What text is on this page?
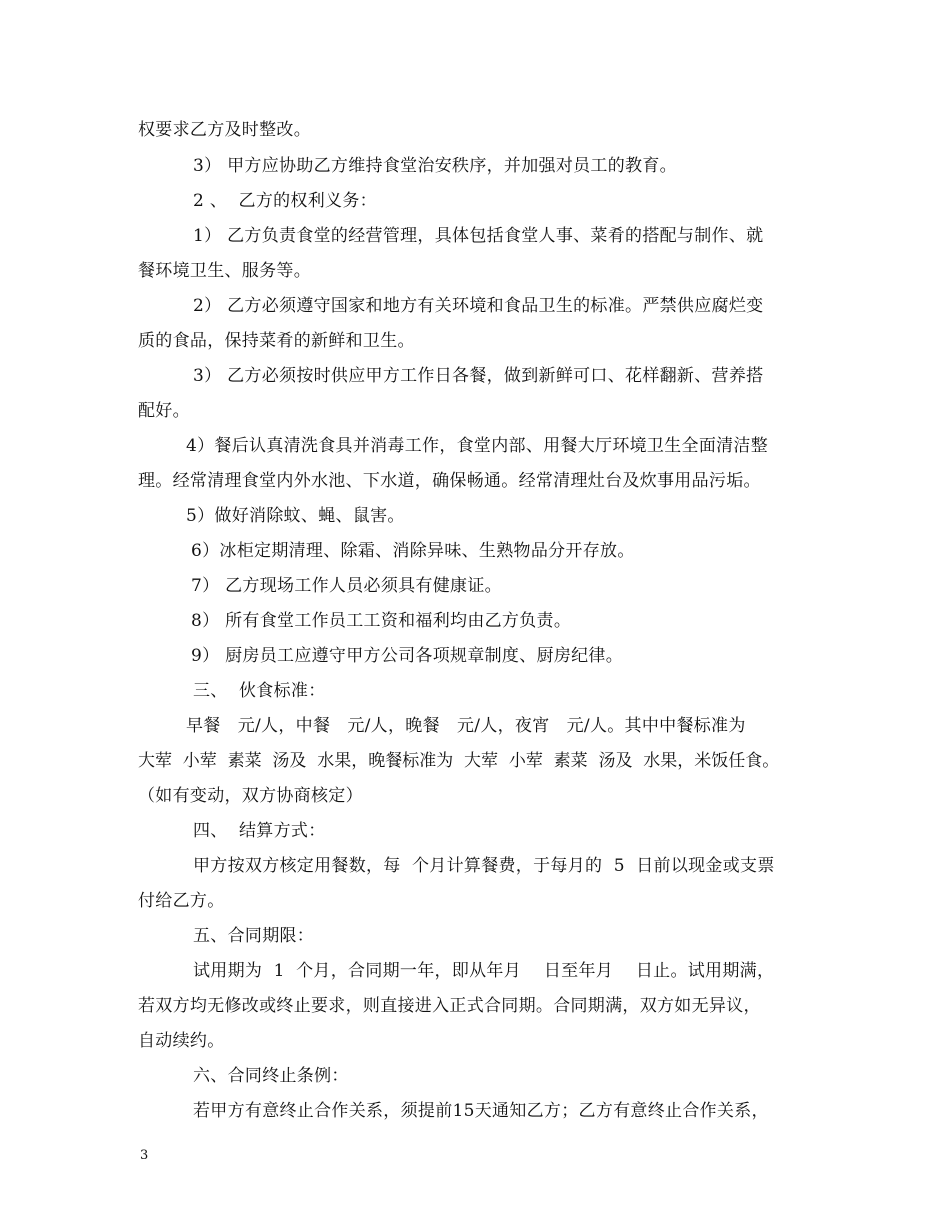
权要求乙方及时整改。
3） 甲方应协助乙方维持食堂治安秩序，并加强对员工的教育。
2 、  乙方的权利义务：
1） 乙方负责食堂的经营管理，具体包括食堂人事、菜肴的搭配与制作、就
餐环境卫生、服务等。
2） 乙方必须遵守国家和地方有关环境和食品卫生的标准。严禁供应腐烂变
质的食品，保持菜肴的新鲜和卫生。
3） 乙方必须按时供应甲方工作日各餐，做到新鲜可口、花样翻新、营养搭
配好。
4）餐后认真清洗食具并消毒工作，食堂内部、用餐大厅环境卫生全面清洁整
理。经常清理食堂内外水池、下水道，确保畅通。经常清理灶台及炊事用品污垢。
5）做好消除蚊、蝇、鼠害。
6）冰柜定期清理、除霜、消除异味、生熟物品分开存放。
7） 乙方现场工作人员必须具有健康证。
8） 所有食堂工作员工工资和福利均由乙方负责。
9） 厨房员工应遵守甲方公司各项规章制度、厨房纪律。
三、  伙食标准：
早餐   元/人，中餐   元/人，晚餐   元/人，夜宵   元/人。其中中餐标准为
大荤  小荤  素菜  汤及  水果，晚餐标准为  大荤  小荤  素菜  汤及  水果，米饭任食。
（如有变动，双方协商核定）
四、  结算方式：
甲方按双方核定用餐数，每  个月计算餐费，于每月的  5  日前以现金或支票
付给乙方。
五、合同期限：
试用期为  1  个月，合同期一年，即从年月    日至年月    日止。试用期满，
若双方均无修改或终止要求，则直接进入正式合同期。合同期满，双方如无异议，
自动续约。
六、合同终止条例：
若甲方有意终止合作关系，须提前15天通知乙方；乙方有意终止合作关系，
3
